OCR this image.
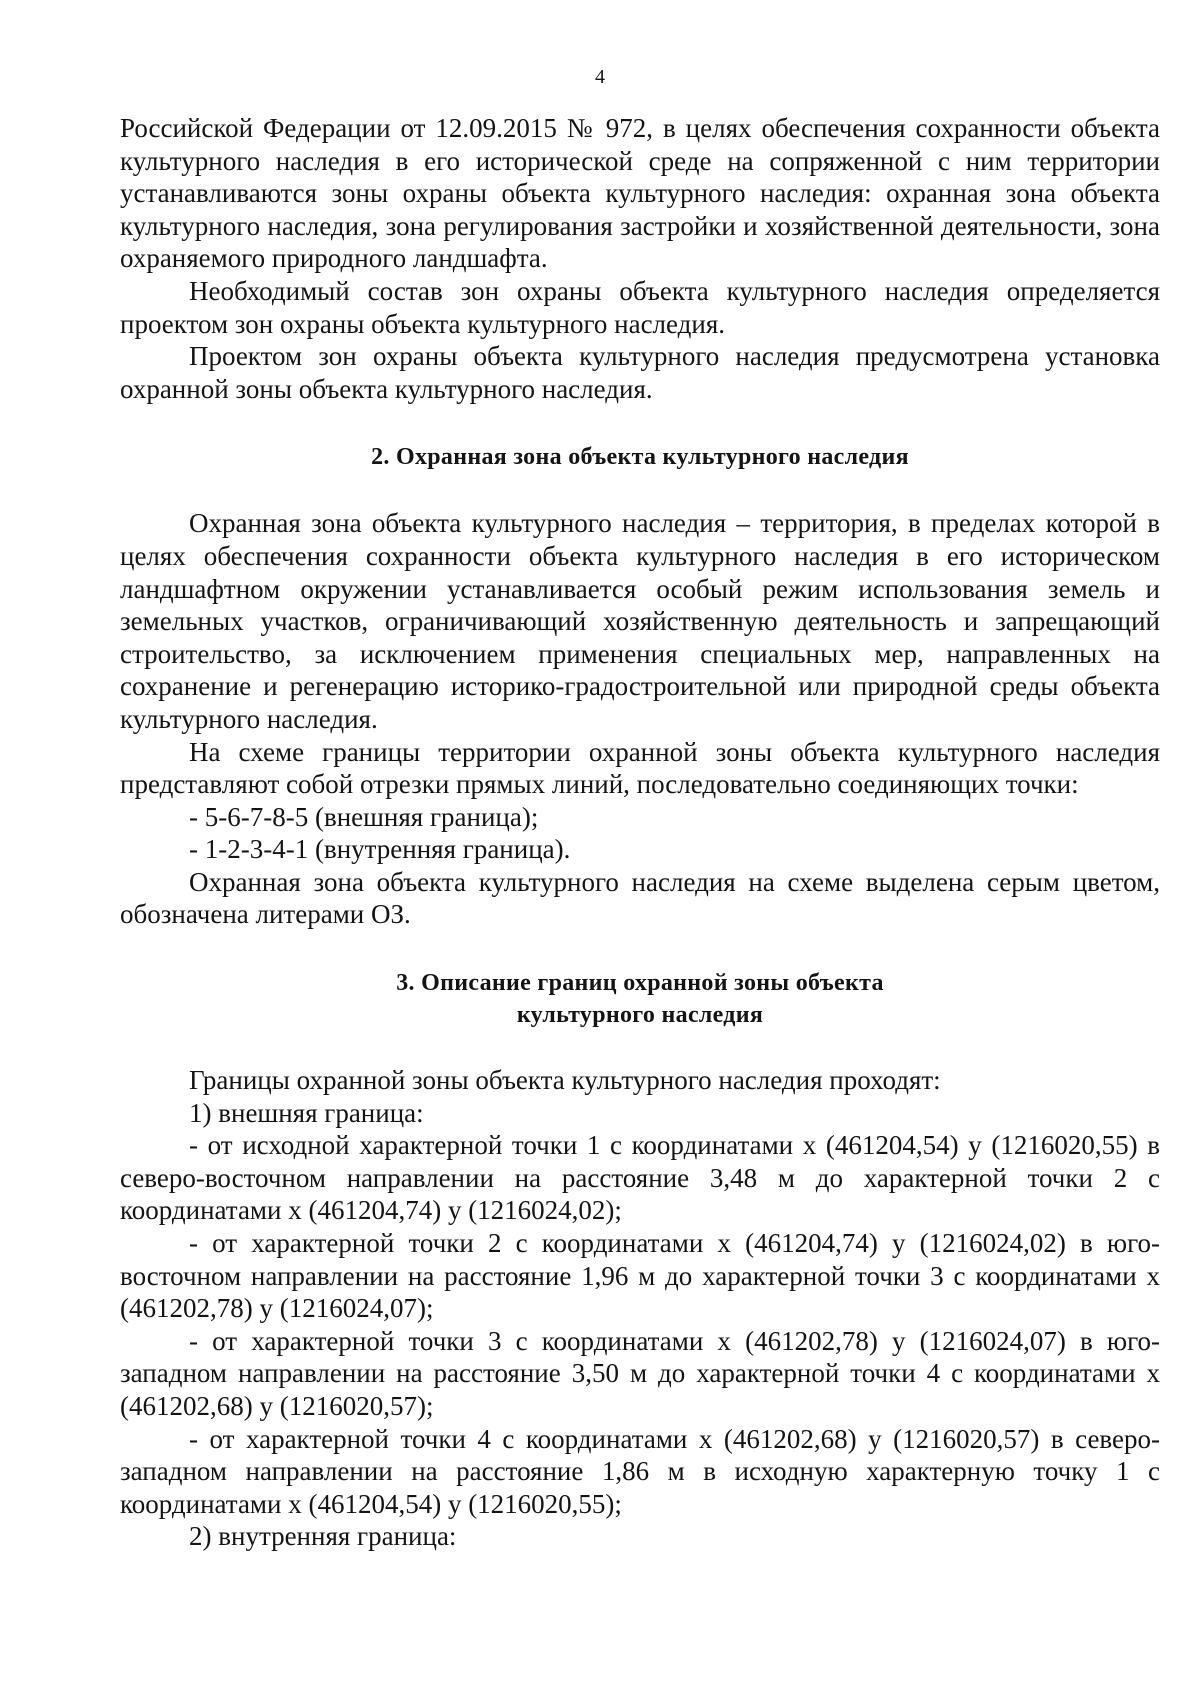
4

Российской Федерации от 12.09.2015 № 972, в целях обеспечения сохранности объекта культурного наследия в его исторической среде на сопряженной с ним территории устанавливаются зоны охраны объекта культурного наследия: охранная зона объекта культурного наследия, зона регулирования застройки и хозяйственной деятельности, зона охраняемого природного ландшафта.

Необходимый состав зон охраны объекта культурного наследия определяется проектом зон охраны объекта культурного наследия.

Проектом зон охраны объекта культурного наследия предусмотрена установка охранной зоны объекта культурного наследия.

2. Охранная зона объекта культурного наследия

Охранная зона объекта культурного наследия – территория, в пределах которой в целях обеспечения сохранности объекта культурного наследия в его историческом ландшафтном окружении устанавливается особый режим использования земель и земельных участков, ограничивающий хозяйственную деятельность и запрещающий строительство, за исключением применения специальных мер, направленных на сохранение и регенерацию историко-градостроительной или природной среды объекта культурного наследия.

На схеме границы территории охранной зоны объекта культурного наследия представляют собой отрезки прямых линий, последовательно соединяющих точки:

- 5-6-7-8-5 (внешняя граница);

- 1-2-3-4-1 (внутренняя граница).

Охранная зона объекта культурного наследия на схеме выделена серым цветом, обозначена литерами ОЗ.

3. Описание границ охранной зоны объекта культурного наследия

Границы охранной зоны объекта культурного наследия проходят:

1) внешняя граница:

- от исходной характерной точки 1 с координатами х (461204,54) у (1216020,55) в северо-восточном направлении на расстояние 3,48 м до характерной точки 2 с координатами х (461204,74) у (1216024,02);

- от характерной точки 2 с координатами х (461204,74) у (1216024,02) в юго-восточном направлении на расстояние 1,96 м до характерной точки 3 с координатами х (461202,78) у (1216024,07);

- от характерной точки 3 с координатами х (461202,78) у (1216024,07) в юго-западном направлении на расстояние 3,50 м до характерной точки 4 с координатами х (461202,68) у (1216020,57);

- от характерной точки 4 с координатами х (461202,68) у (1216020,57) в северо-западном направлении на расстояние 1,86 м в исходную характерную точку 1 с координатами х (461204,54) у (1216020,55);

2) внутренняя граница:
